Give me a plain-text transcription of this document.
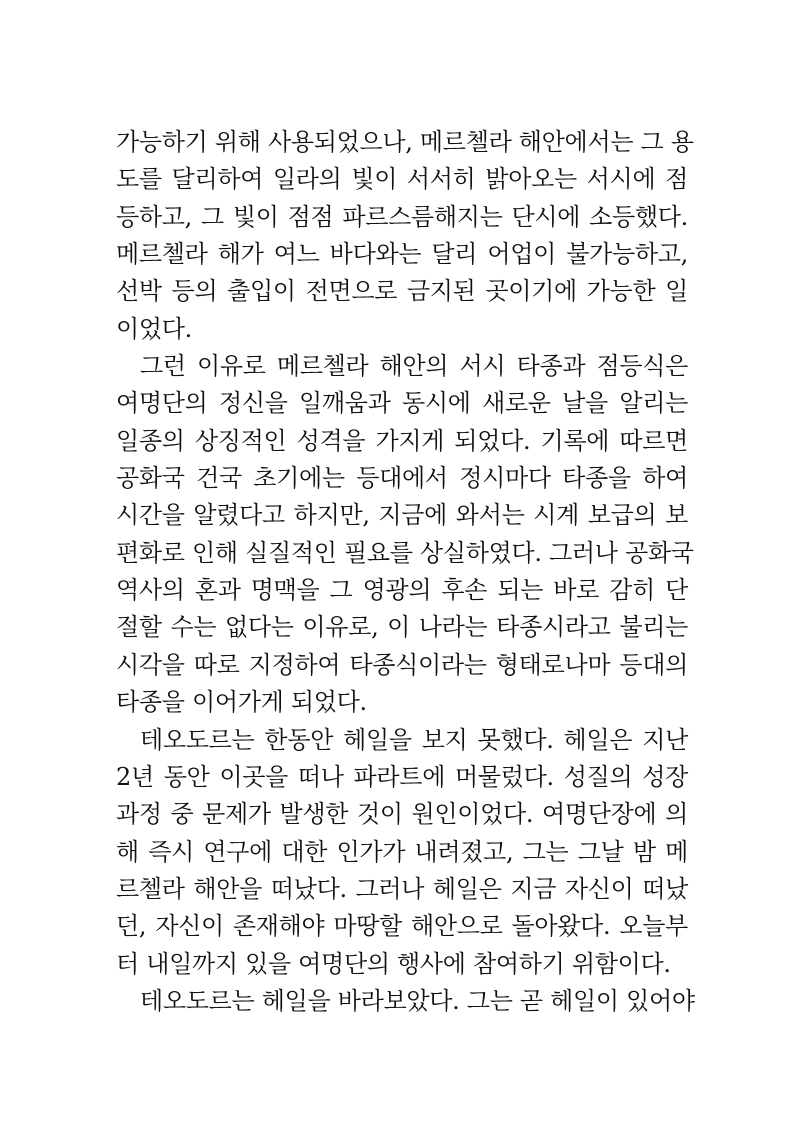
가능하기 위해 사용되었으나, 메르첼라 해안에서는 그 용
도를 달리하여 일라의 빛이 서서히 밝아오는 서시에 점
등하고, 그 빛이 점점 파르스름해지는 단시에 소등했다.
메르첼라 해가 여느 바다와는 달리 어업이 불가능하고,
선박 등의 출입이 전면으로 금지된 곳이기에 가능한 일
이었다.
그런 이유로 메르첼라 해안의 서시 타종과 점등식은
여명단의 정신을 일깨움과 동시에 새로운 날을 알리는
일종의 상징적인 성격을 가지게 되었다. 기록에 따르면
공화국 건국 초기에는 등대에서 정시마다 타종을 하여
시간을 알렸다고 하지만, 지금에 와서는 시계 보급의 보
편화로 인해 실질적인 필요를 상실하였다. 그러나 공화국
역사의 혼과 명맥을 그 영광의 후손 되는 바로 감히 단
절할 수는 없다는 이유로, 이 나라는 타종시라고 불리는
시각을 따로 지정하여 타종식이라는 형태로나마 등대의
타종을 이어가게 되었다.
테오도르는 한동안 헤일을 보지 못했다. 헤일은 지난
2년 동안 이곳을 떠나 파라트에 머물렀다. 성질의 성장
과정 중 문제가 발생한 것이 원인이었다. 여명단장에 의
해 즉시 연구에 대한 인가가 내려졌고, 그는 그날 밤 메
르첼라 해안을 떠났다. 그러나 헤일은 지금 자신이 떠났
던, 자신이 존재해야 마땅할 해안으로 돌아왔다. 오늘부
터 내일까지 있을 여명단의 행사에 참여하기 위함이다.
테오도르는 헤일을 바라보았다. 그는 곧 헤일이 있어야
